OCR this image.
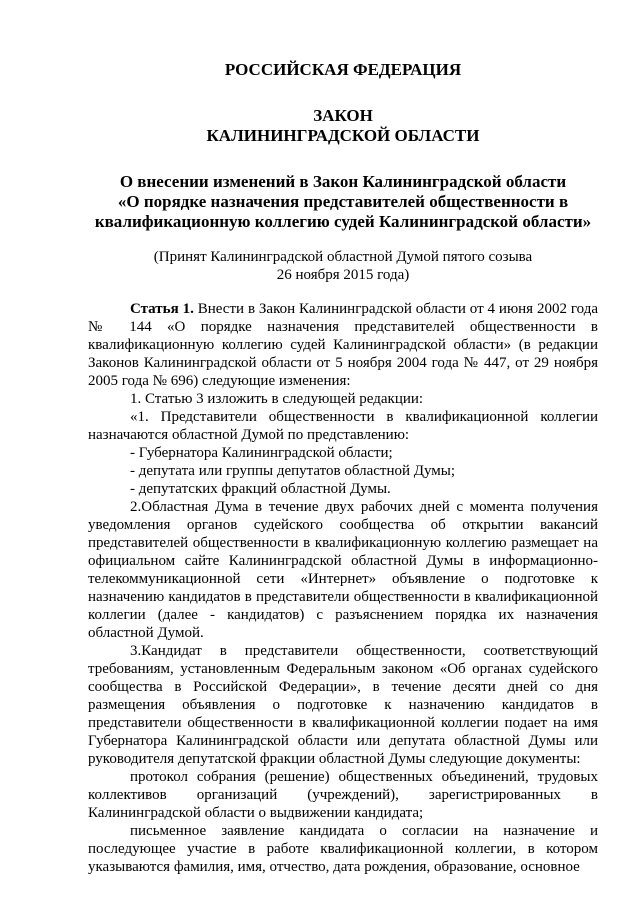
РОССИЙСКАЯ ФЕДЕРАЦИЯ
ЗАКОН
КАЛИНИНГРАДСКОЙ ОБЛАСТИ
О внесении изменений в Закон Калининградской области
«О порядке назначения представителей общественности в
квалификационную коллегию судей Калининградской области»
(Принят Калининградской областной Думой пятого созыва
26 ноября 2015 года)

Статья 1. Внести в Закон Калининградской области от 4 июня 2002 года № 144 «О порядке назначения представителей общественности в квалификационную коллегию судей Калининградской области» (в редакции Законов Калининградской области от 5 ноября 2004 года № 447, от 29 ноября 2005 года № 696) следующие изменения:

1. Статью 3 изложить в следующей редакции:

«1. Представители общественности в квалификационной коллегии назначаются областной Думой по представлению:

- Губернатора Калининградской области;

- депутата или группы депутатов областной Думы;

- депутатских фракций областной Думы.

2.Областная Дума в течение двух рабочих дней с момента получения уведомления органов судейского сообщества об открытии вакансий представителей общественности в квалификационную коллегию размещает на официальном сайте Калининградской областной Думы в информационно-телекоммуникационной сети «Интернет» объявление о подготовке к назначению кандидатов в представители общественности в квалификационной коллегии (далее - кандидатов) с разъяснением порядка их назначения областной Думой.

3.Кандидат в представители общественности, соответствующий требованиям, установленным Федеральным законом «Об органах судейского сообщества в Российской Федерации», в течение десяти дней со дня размещения объявления о подготовке к назначению кандидатов в представители общественности в квалификационной коллегии подает на имя Губернатора Калининградской области или депутата областной Думы или руководителя депутатской фракции областной Думы следующие документы:

протокол собрания (решение) общественных объединений, трудовых коллективов организаций (учреждений), зарегистрированных в Калининградской области о выдвижении кандидата;

письменное заявление кандидата о согласии на назначение и последующее участие в работе квалификационной коллегии, в котором указываются фамилия, имя, отчество, дата рождения, образование, основное
